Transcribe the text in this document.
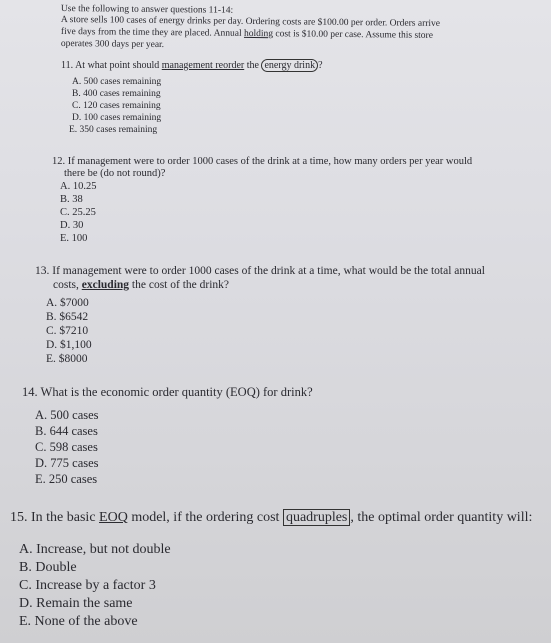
Use the following to answer questions 11-14:

A store sells 100 cases of energy drinks per day. Ordering costs are $100.00 per order. Orders arrive

five days from the time they are placed. Annual holding cost is $10.00 per case. Assume this store

operates 300 days per year.

11. At what point should management reorder the energy drink ?

A. 500 cases remaining

B. 400 cases remaining

C. 120 cases remaining

D. 100 cases remaining

E. 350 cases remaining

12. If management were to order 1000 cases of the drink at a time, how many orders per year would

there be (do not round)?

A. 10.25

B. 38

C. 25.25

D. 30

E. 100

13. If management were to order 1000 cases of the drink at a time, what would be the total annual

costs, excluding the cost of the drink?

A. $7000

B. $6542

C. $7210

D. $1,100

E. $8000

14. What is the economic order quantity (EOQ) for drink?

A. 500 cases

B. 644 cases

C. 598 cases

D. 775 cases

E. 250 cases

15. In the basic EOQ model, if the ordering cost quadruples , the optimal order quantity will:

A. Increase, but not double

B. Double

C. Increase by a factor 3

D. Remain the same

E. None of the above
